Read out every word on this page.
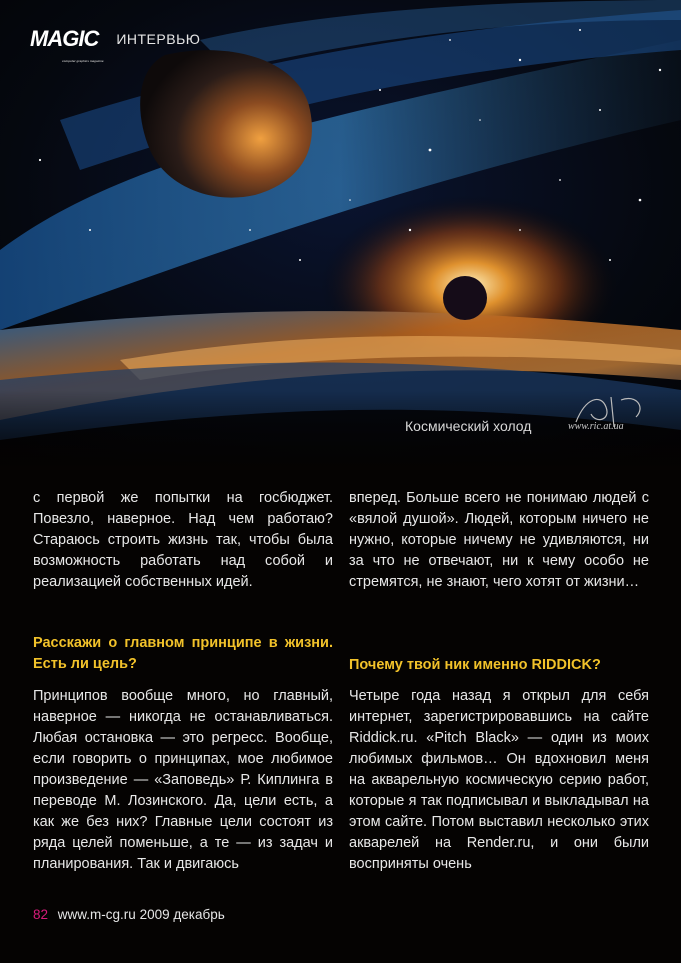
MAGIC
computer graphics magazine
ИНТЕРВЬЮ
www.ric.at.ua
Космический холод

с первой же попытки на госбюджет. Повезло, наверное. Над чем работаю? Стараюсь строить жизнь так, чтобы была возможность работать над собой и реализацией собственных идей.

Расскажи о главном принципе в жизни. Есть ли цель?

Принципов вообще много, но главный, наверное — никогда не останавливаться. Любая остановка — это регресс. Вообще, если говорить о принципах, мое любимое произведение — «Заповедь» Р. Киплинга в переводе М. Лозинского. Да, цели есть, а как же без них? Главные цели состоят из ряда целей поменьше, а те — из задач и планирования. Так и двигаюсь

вперед. Больше всего не понимаю людей с «вялой душой». Людей, которым ничего не нужно, которые ничему не удивляются, ни за что не отвечают, ни к чему особо не стремятся, не знают, чего хотят от жизни…

Почему твой ник именно RIDDICK?

Четыре года назад я открыл для себя интернет, зарегистрировавшись на сайте Riddick.ru. «Pitch Black» — один из моих любимых фильмов… Он вдохновил меня на акварельную космическую серию работ, которые я так подписывал и выкладывал на этом сайте. Потом выставил несколько этих акварелей на Render.ru, и они были восприняты очень

82 www.m-cg.ru 2009 декабрь
